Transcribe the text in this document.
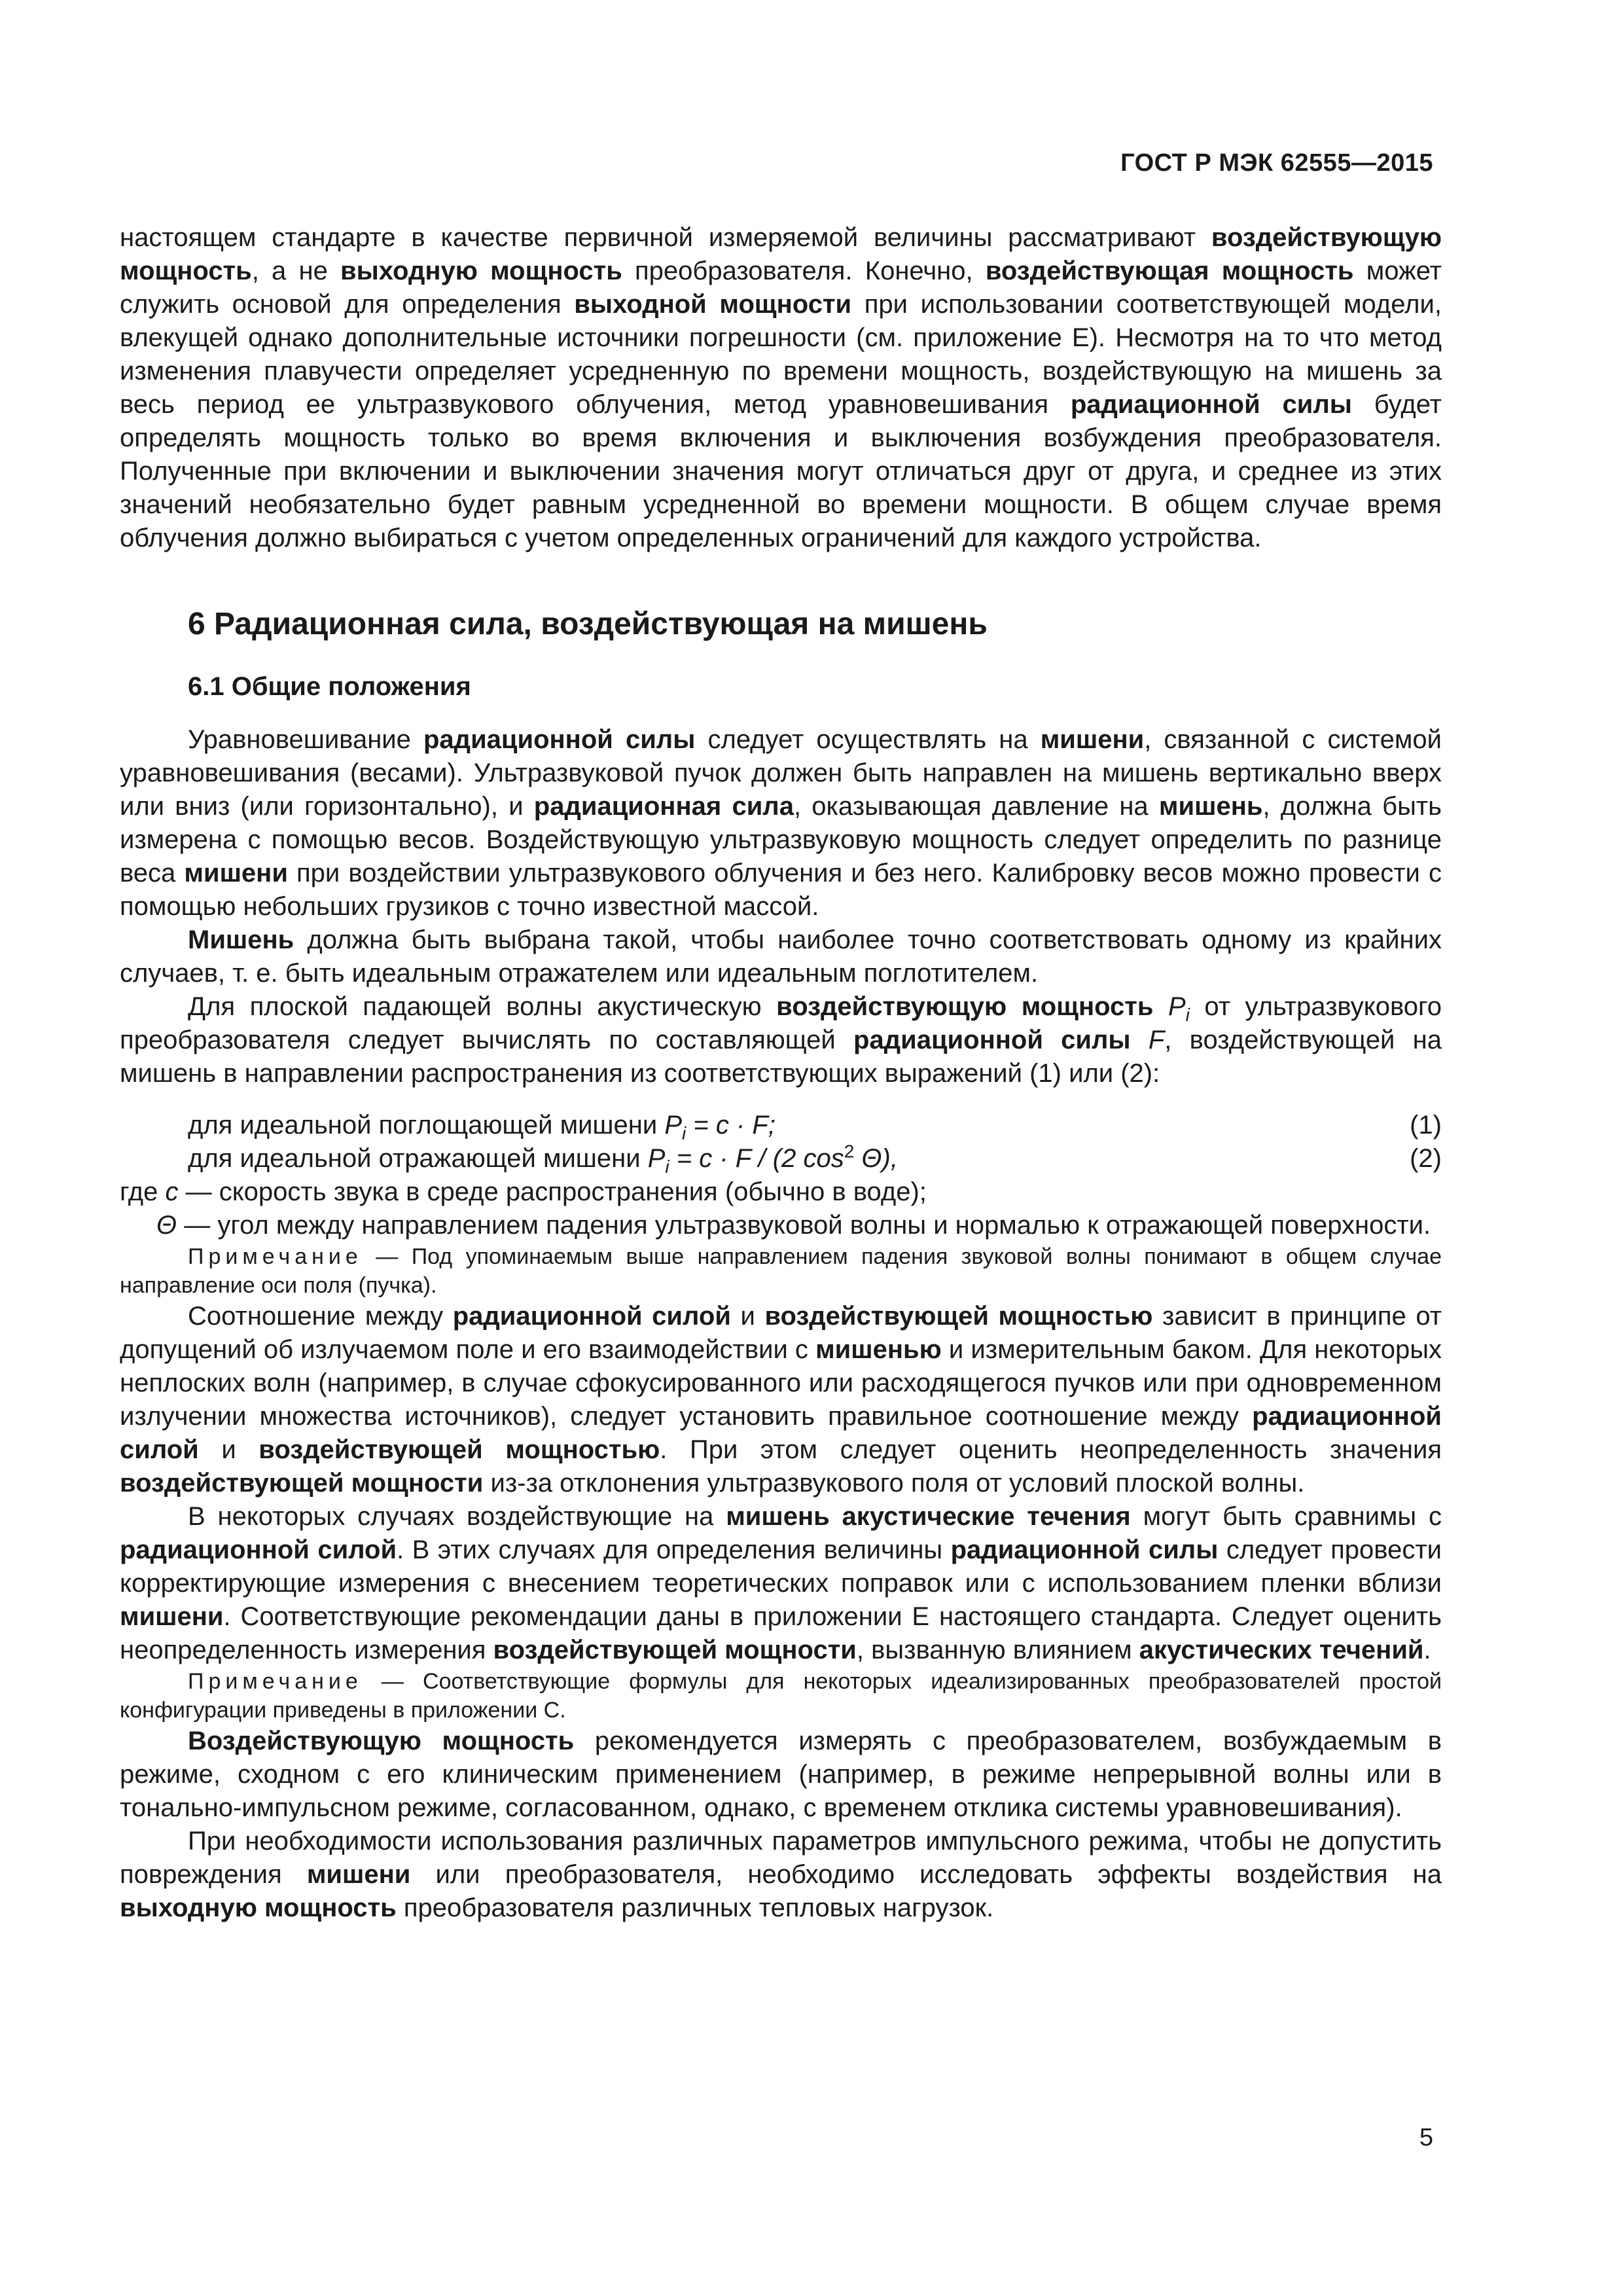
ГОСТ Р МЭК 62555—2015

настоящем стандарте в качестве первичной измеряемой величины рассматривают воздействующую мощность, а не выходную мощность преобразователя. Конечно, воздействующая мощность может служить основой для определения выходной мощности при использовании соответствующей модели, влекущей однако дополнительные источники погрешности (см. приложение Е). Несмотря на то что метод изменения плавучести определяет усредненную по времени мощность, воздействующую на мишень за весь период ее ультразвукового облучения, метод уравновешивания радиационной силы будет определять мощность только во время включения и выключения возбуждения преобразователя. Полученные при включении и выключении значения могут отличаться друг от друга, и среднее из этих значений необязательно будет равным усредненной во времени мощности. В общем случае время облучения должно выбираться с учетом определенных ограничений для каждого устройства.

6 Радиационная сила, воздействующая на мишень
6.1 Общие положения

Уравновешивание радиационной силы следует осуществлять на мишени, связанной с системой уравновешивания (весами). Ультразвуковой пучок должен быть направлен на мишень вертикально вверх или вниз (или горизонтально), и радиационная сила, оказывающая давление на мишень, должна быть измерена с помощью весов. Воздействующую ультразвуковую мощность следует определить по разнице веса мишени при воздействии ультразвукового облучения и без него. Калибровку весов можно провести с помощью небольших грузиков с точно известной массой.

Мишень должна быть выбрана такой, чтобы наиболее точно соответствовать одному из крайних случаев, т. е. быть идеальным отражателем или идеальным поглотителем.

Для плоской падающей волны акустическую воздействующую мощность $P_i$ от ультразвукового преобразователя следует вычислять по составляющей радиационной силы F, воздействующей на мишень в направлении распространения из соответствующих выражений (1) или (2):

для идеальной поглощающей мишени $P_i = c \cdot F$;	(1)
для идеальной отражающей мишени $P_i = c \cdot F / (2$ $\cos^2 \Theta$),	(2)

где c — скорость звука в среде распространения (обычно в воде);

Θ — угол между направлением падения ультразвуковой волны и нормалью к отражающей поверхности.

Примечание — Под упоминаемым выше направлением падения звуковой волны понимают в общем случае направление оси поля (пучка).

Соотношение между радиационной силой и воздействующей мощностью зависит в принципе от допущений об излучаемом поле и его взаимодействии с мишенью и измерительным баком. Для некоторых неплоских волн (например, в случае сфокусированного или расходящегося пучков или при одновременном излучении множества источников), следует установить правильное соотношение между радиационной силой и воздействующей мощностью. При этом следует оценить неопределенность значения воздействующей мощности из-за отклонения ультразвукового поля от условий плоской волны.

В некоторых случаях воздействующие на мишень акустические течения могут быть сравнимы с радиационной силой. В этих случаях для определения величины радиационной силы следует провести корректирующие измерения с внесением теоретических поправок или с использованием пленки вблизи мишени. Соответствующие рекомендации даны в приложении Е настоящего стандарта. Следует оценить неопределенность измерения воздействующей мощности, вызванную влиянием акустических течений.

Примечание — Соответствующие формулы для некоторых идеализированных преобразователей простой конфигурации приведены в приложении С.

Воздействующую мощность рекомендуется измерять с преобразователем, возбуждаемым в режиме, сходном с его клиническим применением (например, в режиме непрерывной волны или в тонально-импульсном режиме, согласованном, однако, с временем отклика системы уравновешивания).

При необходимости использования различных параметров импульсного режима, чтобы не допустить повреждения мишени или преобразователя, необходимо исследовать эффекты воздействия на выходную мощность преобразователя различных тепловых нагрузок.

5
